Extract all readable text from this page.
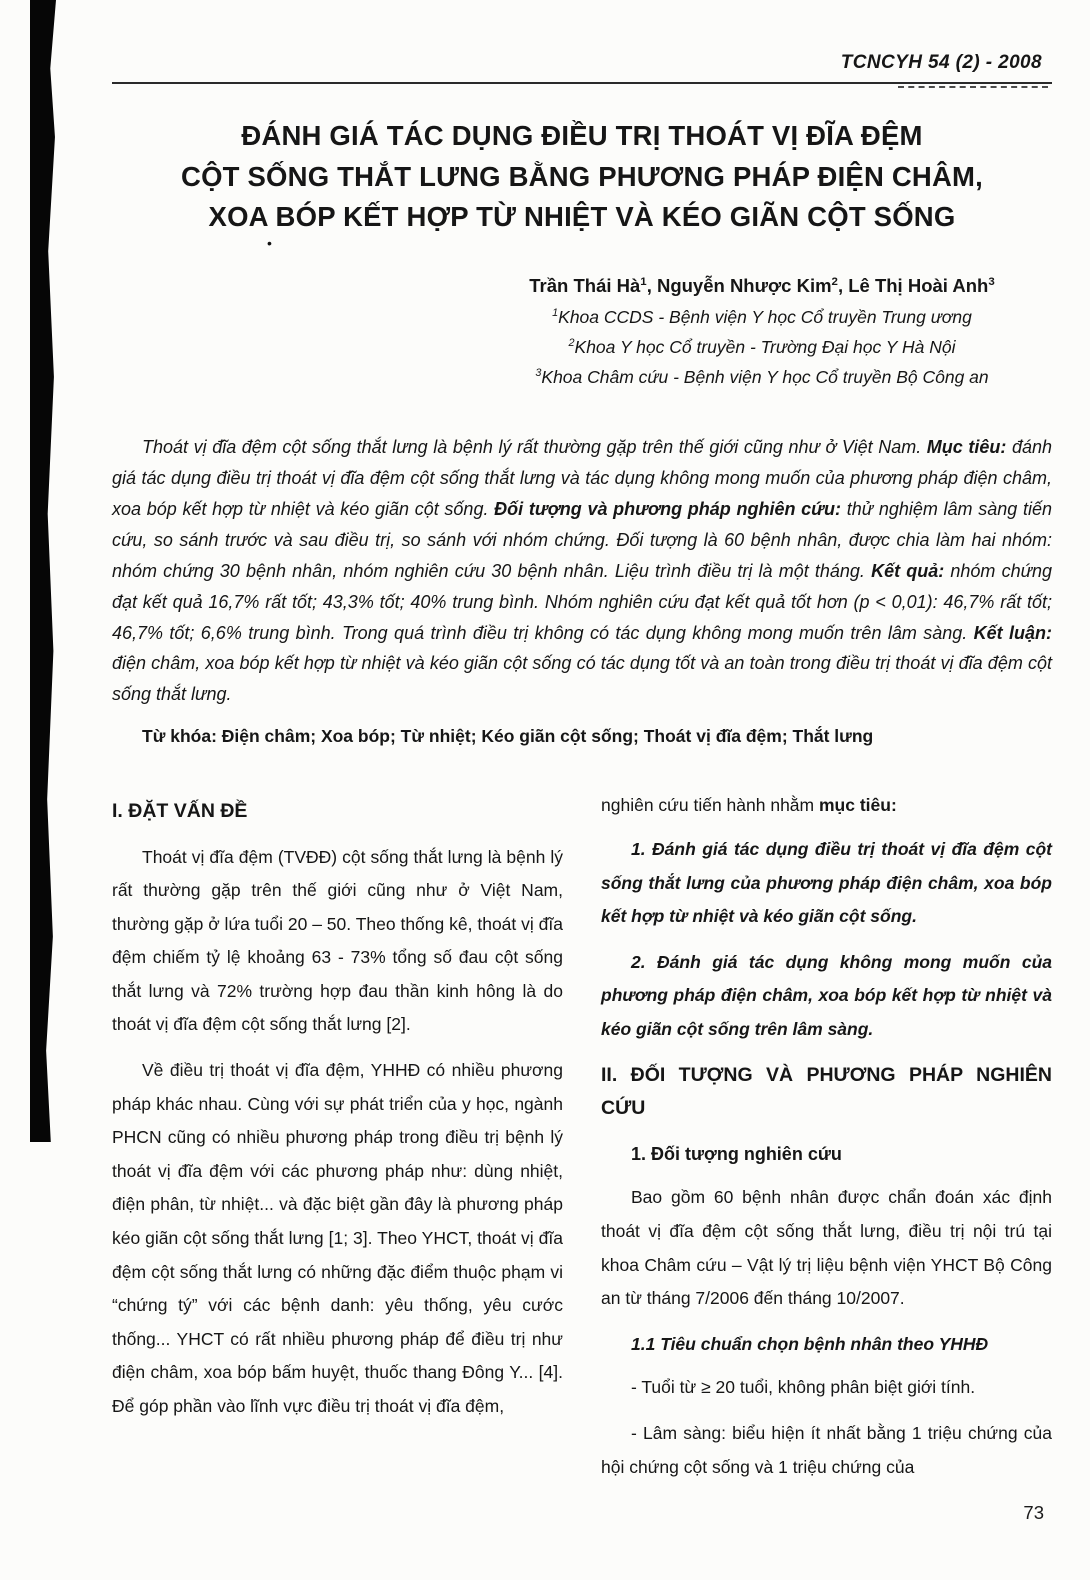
TCNCYH 54 (2) - 2008
ĐÁNH GIÁ TÁC DỤNG ĐIỀU TRỊ THOÁT VỊ ĐĨA ĐỆM
CỘT SỐNG THẮT LƯNG BẰNG PHƯƠNG PHÁP ĐIỆN CHÂM,
XOA BÓP KẾT HỢP TỪ NHIỆT VÀ KÉO GIÃN CỘT SỐNG
•
Trần Thái $Hà^1$, Nguyễn Nhược Kim$^2$, Lê Thị Hoài Anh$^3$
$^1$Khoa CCDS - Bệnh viện Y học Cổ truyền Trung ương
$^2$Khoa Y học Cổ truyền - Trường Đại học Y Hà Nội
$^3$Khoa Châm cứu - Bệnh viện Y học Cổ truyền Bộ Công an

Thoát vị đĩa đệm cột sống thắt lưng là bệnh lý rất thường gặp trên thế giới cũng như ở Việt Nam. Mục tiêu: đánh giá tác dụng điều trị thoát vị đĩa đệm cột sống thắt lưng và tác dụng không mong muốn của phương pháp điện châm, xoa bóp kết hợp từ nhiệt và kéo giãn cột sống. Đối tượng và phương pháp nghiên cứu: thử nghiệm lâm sàng tiến cứu, so sánh trước và sau điều trị, so sánh với nhóm chứng. Đối tượng là 60 bệnh nhân, được chia làm hai nhóm: nhóm chứng 30 bệnh nhân, nhóm nghiên cứu 30 bệnh nhân. Liệu trình điều trị là một tháng. Kết quả: nhóm chứng đạt kết quả 16,7% rất tốt; 43,3% tốt; 40% trung bình. Nhóm nghiên cứu đạt kết quả tốt hơn (p < 0,01): 46,7% rất tốt; 46,7% tốt; 6,6% trung bình. Trong quá trình điều trị không có tác dụng không mong muốn trên lâm sàng. Kết luận: điện châm, xoa bóp kết hợp từ nhiệt và kéo giãn cột sống có tác dụng tốt và an toàn trong điều trị thoát vị đĩa đệm cột sống thắt lưng.

Từ khóa: Điện châm; Xoa bóp; Từ nhiệt; Kéo giãn cột sống; Thoát vị đĩa đệm; Thắt lưng

I. ĐẶT VẤN ĐỀ

Thoát vị đĩa đệm (TVĐĐ) cột sống thắt lưng là bệnh lý rất thường gặp trên thế giới cũng như ở Việt Nam, thường gặp ở lứa tuổi 20 – 50. Theo thống kê, thoát vị đĩa đệm chiếm tỷ lệ khoảng 63 - 73% tổng số đau cột sống thắt lưng và 72% trường hợp đau thần kinh hông là do thoát vị đĩa đệm cột sống thắt lưng [2].

Về điều trị thoát vị đĩa đệm, YHHĐ có nhiều phương pháp khác nhau. Cùng với sự phát triển của y học, ngành PHCN cũng có nhiều phương pháp trong điều trị bệnh lý thoát vị đĩa đệm với các phương pháp như: dùng nhiệt, điện phân, từ nhiệt... và đặc biệt gần đây là phương pháp kéo giãn cột sống thắt lưng [1; 3]. Theo YHCT, thoát vị đĩa đệm cột sống thắt lưng có những đặc điểm thuộc phạm vi “chứng tý” với các bệnh danh: yêu thống, yêu cước thống... YHCT có rất nhiều phương pháp để điều trị như điện châm, xoa bóp bấm huyệt, thuốc thang Đông Y... [4]. Để góp phần vào lĩnh vực điều trị thoát vị đĩa đệm,

nghiên cứu tiến hành nhằm mục tiêu:

1. Đánh giá tác dụng điều trị thoát vị đĩa đệm cột sống thắt lưng của phương pháp điện châm, xoa bóp kết hợp từ nhiệt và kéo giãn cột sống.

2. Đánh giá tác dụng không mong muốn của phương pháp điện châm, xoa bóp kết hợp từ nhiệt và kéo giãn cột sống trên lâm sàng.

II. ĐỐI TƯỢNG VÀ PHƯƠNG PHÁP NGHIÊN CỨU
1. Đối tượng nghiên cứu

Bao gồm 60 bệnh nhân được chẩn đoán xác định thoát vị đĩa đệm cột sống thắt lưng, điều trị nội trú tại khoa Châm cứu – Vật lý trị liệu bệnh viện YHCT Bộ Công an từ tháng 7/2006 đến tháng 10/2007.

1.1 Tiêu chuẩn chọn bệnh nhân theo YHHĐ

- Tuổi từ ≥ 20 tuổi, không phân biệt giới tính.

- Lâm sàng: biểu hiện ít nhất bằng 1 triệu chứng của hội chứng cột sống và 1 triệu chứng của

73
